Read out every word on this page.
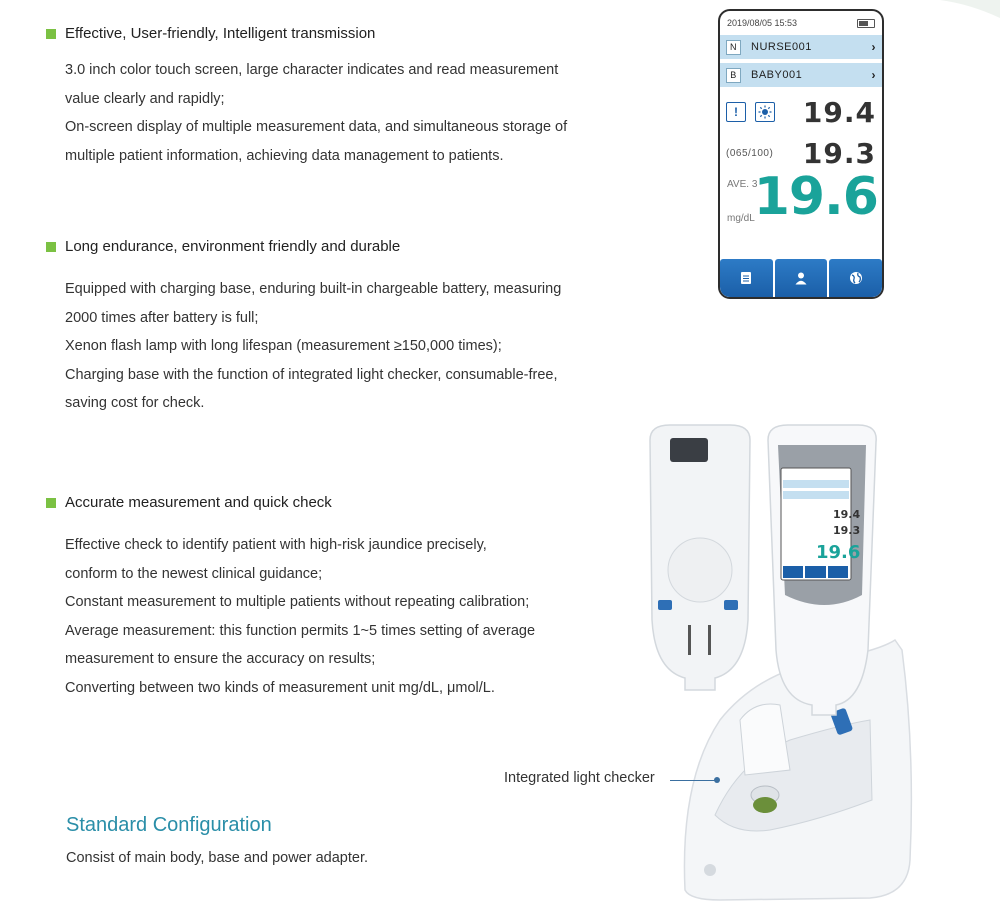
Effective, User-friendly, Intelligent transmission

3.0 inch color touch screen, large character indicates and read measurement

value clearly and rapidly;

On-screen display of multiple measurement data, and simultaneous storage of

multiple patient information, achieving data management to patients.

Long endurance, environment friendly and durable

Equipped with charging base, enduring built-in chargeable battery, measuring

2000 times after battery is full;

Xenon flash lamp with long lifespan (measurement ≥150,000 times);

Charging base with the function of integrated light checker, consumable-free,

saving cost for check.

Accurate measurement and quick check

Effective check to identify patient with high-risk jaundice precisely,

conform to the newest clinical guidance;

Constant measurement to multiple patients without repeating calibration;

Average measurement: this function permits 1~5 times setting of average

measurement to ensure the accuracy on results;

Converting between two kinds of measurement unit mg/dL, μmol/L.

Standard Configuration
Consist of main body, base and power adapter.
2019/08/05 15:53
N	NURSE001	›
B	BABY001	›
! 19.4
(065/100) 19.3
AVE. 3
mg/dL
19.6
19.4
19.3
19.6
Integrated light checker
